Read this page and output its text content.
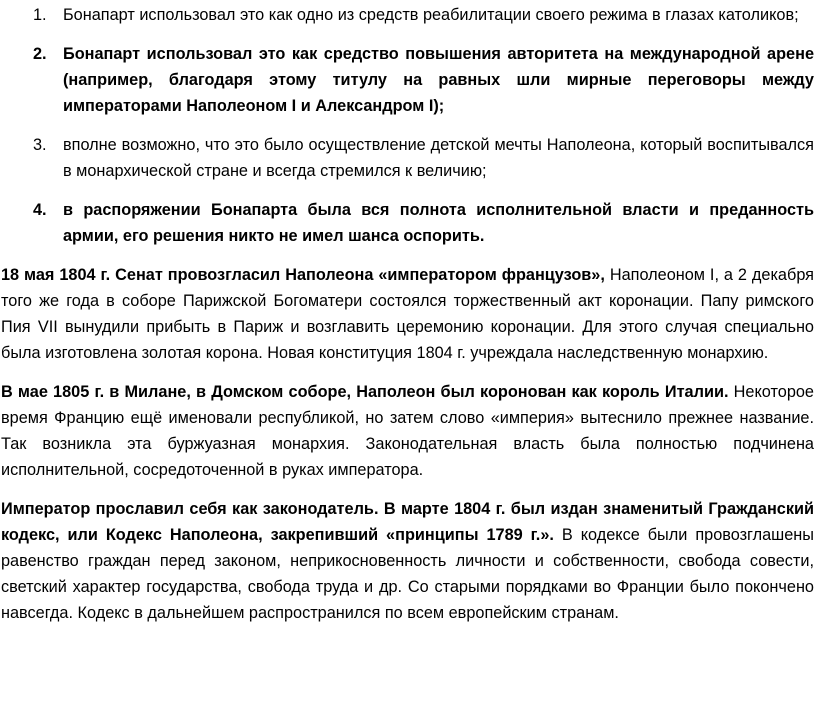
1. Бонапарт использовал это как одно из средств реабилитации своего режима в глазах католиков;
2. Бонапарт использовал это как средство повышения авторитета на международной арене (например, благодаря этому титулу на равных шли мирные переговоры между императорами Наполеоном I и Александром I);
3. вполне возможно, что это было осуществление детской мечты Наполеона, который воспитывался в монархической стране и всегда стремился к величию;
4. в распоряжении Бонапарта была вся полнота исполнительной власти и преданность армии, его решения никто не имел шанса оспорить.

18 мая 1804 г. Сенат провозгласил Наполеона «императором французов», Наполеоном I, а 2 декабря того же года в соборе Парижской Богоматери состоялся торжественный акт коронации. Папу римского Пия VII вынудили прибыть в Париж и возглавить церемонию коронации. Для этого случая специально была изготовлена золотая корона. Новая конституция 1804 г. учреждала наследственную монархию.

В мае 1805 г. в Милане, в Домском соборе, Наполеон был коронован как король Италии. Некоторое время Францию ещё именовали республикой, но затем слово «империя» вытеснило прежнее название. Так возникла эта буржуазная монархия. Законодательная власть была полностью подчинена исполнительной, сосредоточенной в руках императора.

Император прославил себя как законодатель. В марте 1804 г. был издан знаменитый Гражданский кодекс, или Кодекс Наполеона, закрепивший «принципы 1789 г.». В кодексе были провозглашены равенство граждан перед законом, неприкосновенность личности и собственности, свобода совести, светский характер государства, свобода труда и др. Со старыми порядками во Франции было покончено навсегда. Кодекс в дальнейшем распространился по всем европейским странам.
